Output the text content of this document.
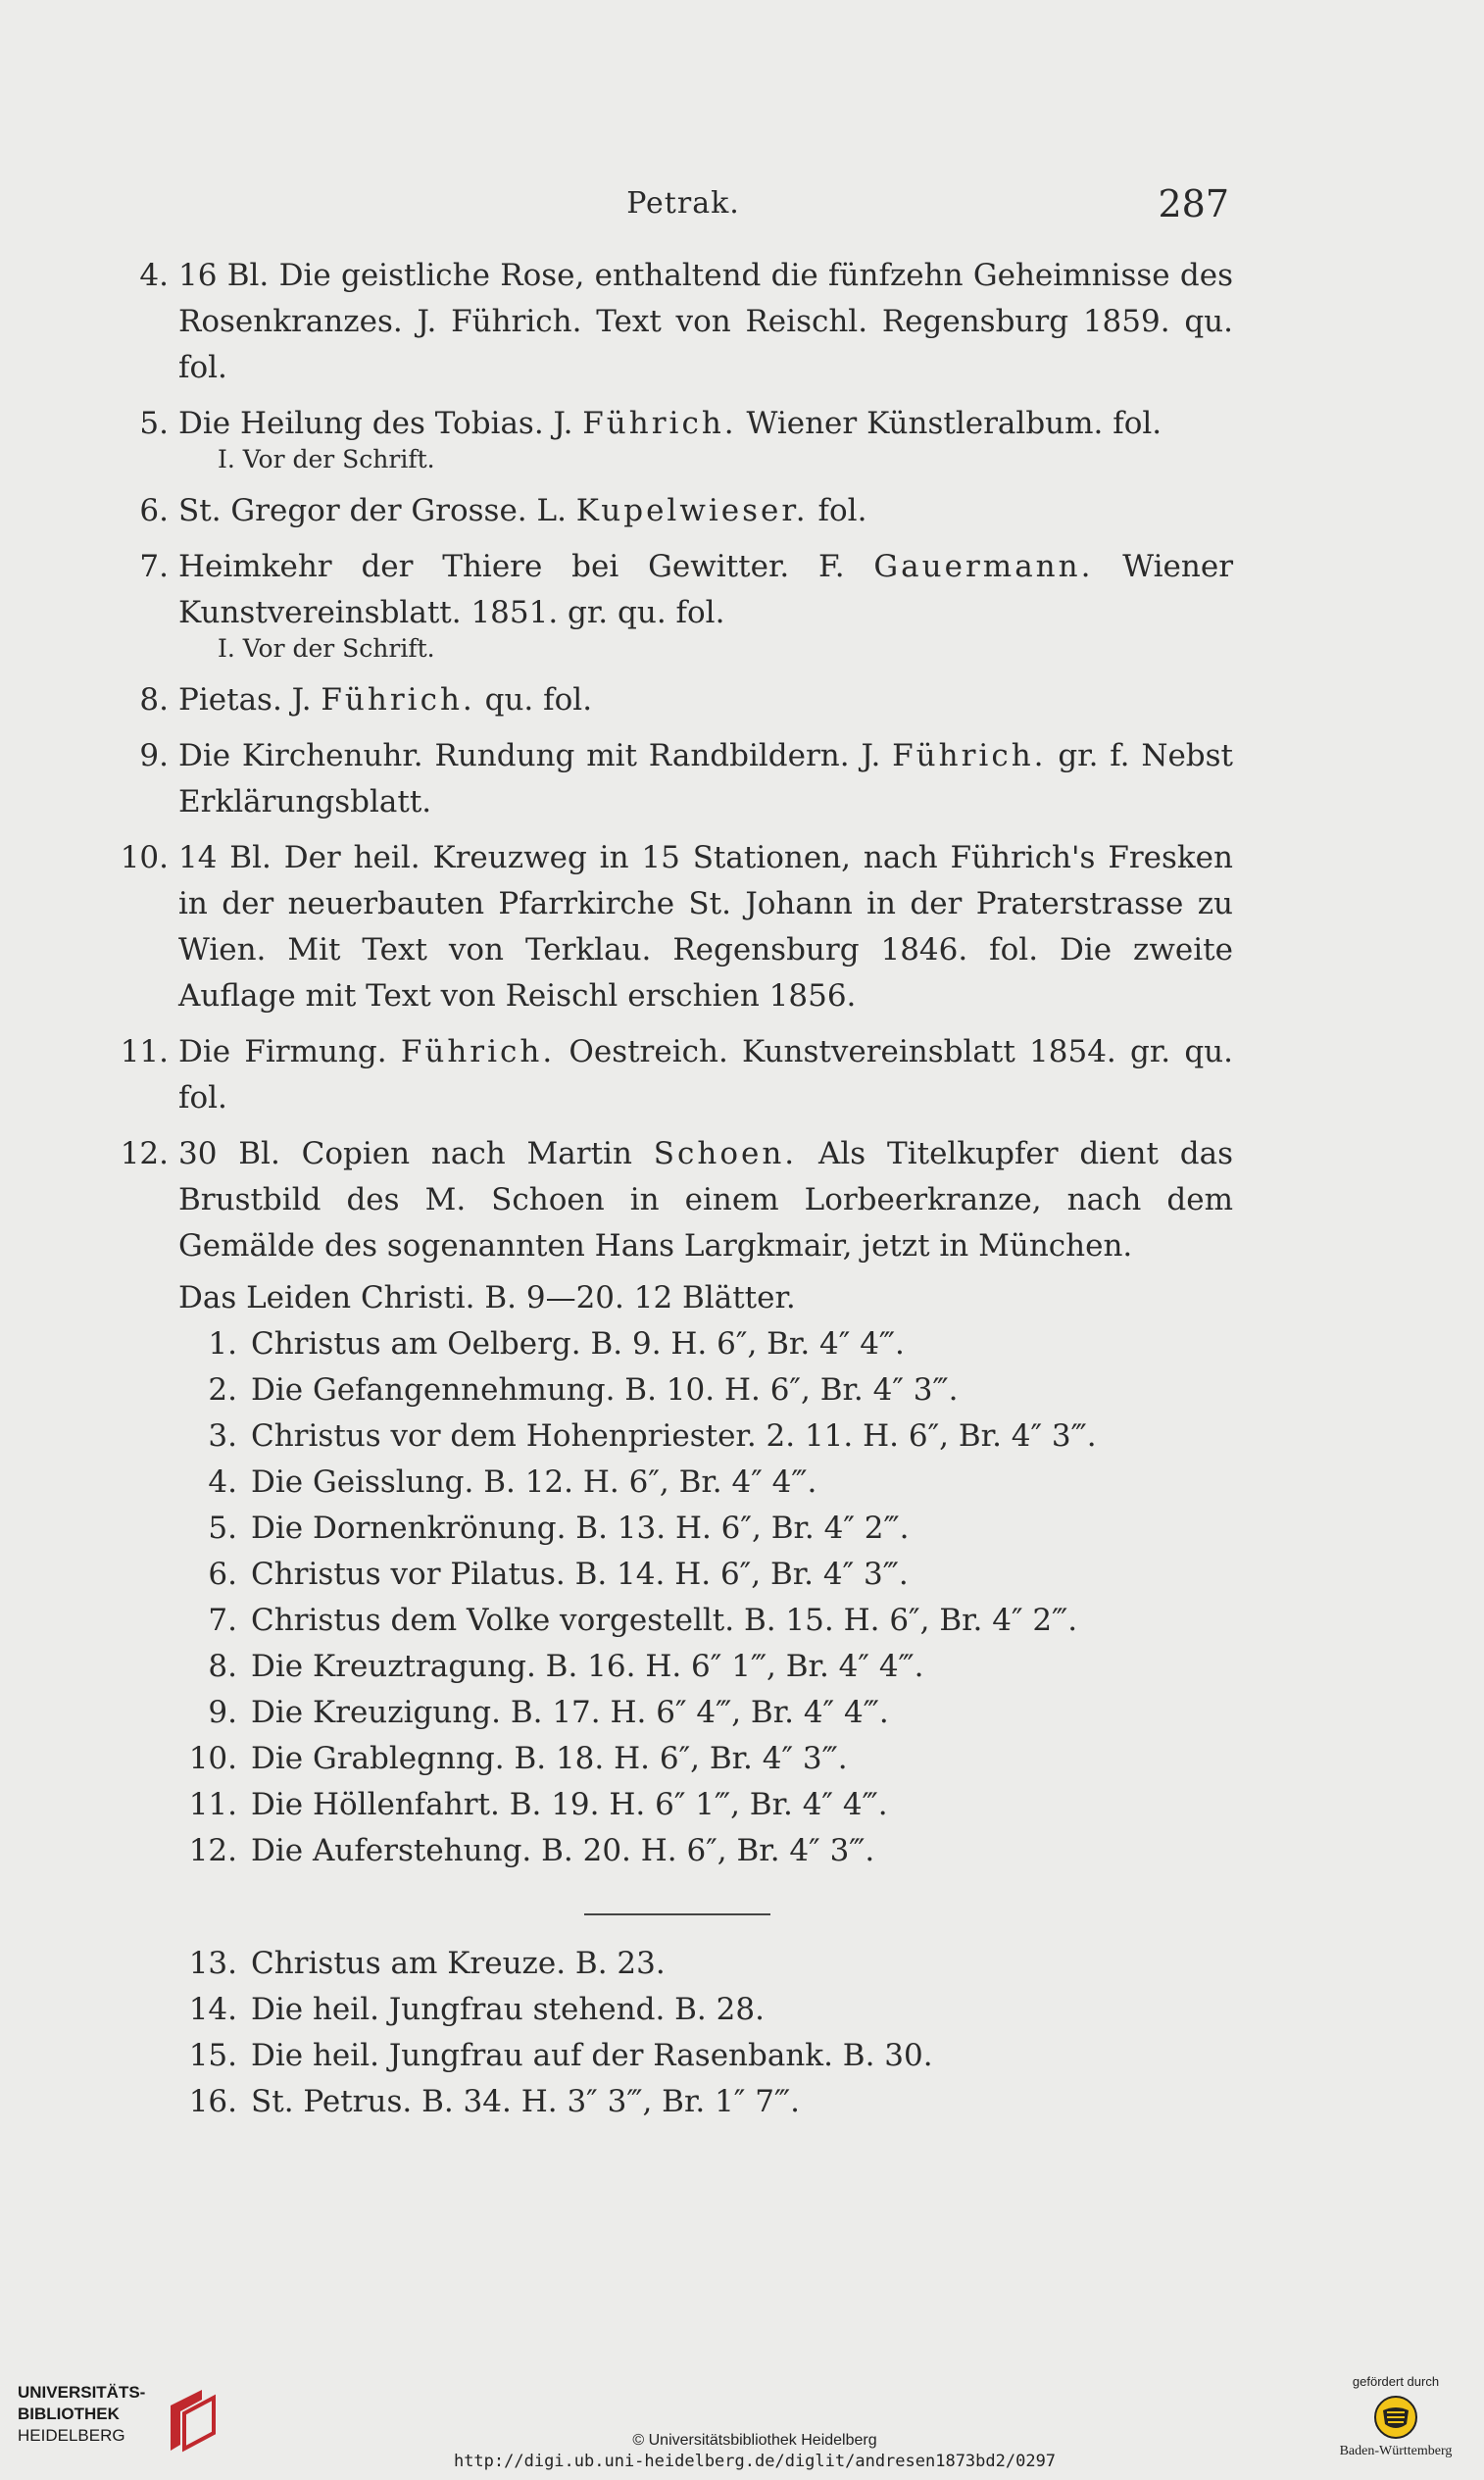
Petrak.	287
4. 16 Bl. Die geistliche Rose, enthaltend die fünfzehn Geheimnisse des Rosenkranzes. J. Führich. Text von Reischl. Regensburg 1859. qu. fol.
5. Die Heilung des Tobias. J. Führich. Wiener Künstleralbum. fol.
I. Vor der Schrift.
6. St. Gregor der Grosse. L. Kupelwieser. fol.
7. Heimkehr der Thiere bei Gewitter. F. Gauermann. Wiener Kunstvereinsblatt. 1851. gr. qu. fol.
I. Vor der Schrift.
8. Pietas. J. Führich. qu. fol.
9. Die Kirchenuhr. Rundung mit Randbildern. J. Führich. gr. f. Nebst Erklärungsblatt.
10. 14 Bl. Der heil. Kreuzweg in 15 Stationen, nach Führich's Fresken in der neuerbauten Pfarrkirche St. Johann in der Praterstrasse zu Wien. Mit Text von Terklau. Regensburg 1846. fol. Die zweite Auflage mit Text von Reischl erschien 1856.
11. Die Firmung. Führich. Oestreich. Kunstvereinsblatt 1854. gr. qu. fol.
12. 30 Bl. Copien nach Martin Schoen. Als Titelkupfer dient das Brustbild des M. Schoen in einem Lorbeerkranze, nach dem Gemälde des sogenannten Hans Largkmair, jetzt in München.
Das Leiden Christi. B. 9—20. 12 Blätter.
1. Christus am Oelberg. B. 9. H. 6″, Br. 4″ 4‴.
2. Die Gefangennehmung. B. 10. H. 6″, Br. 4″ 3‴.
3. Christus vor dem Hohenpriester. 2. 11. H. 6″, Br. 4″ 3‴.
4. Die Geisslung. B. 12. H. 6″, Br. 4″ 4‴.
5. Die Dornenkrönung. B. 13. H. 6″, Br. 4″ 2‴.
6. Christus vor Pilatus. B. 14. H. 6″, Br. 4″ 3‴.
7. Christus dem Volke vorgestellt. B. 15. H. 6″, Br. 4″ 2‴.
8. Die Kreuztragung. B. 16. H. 6″ 1‴, Br. 4″ 4‴.
9. Die Kreuzigung. B. 17. H. 6″ 4‴, Br. 4″ 4‴.
10. Die Grablegnng. B. 18. H. 6″, Br. 4″ 3‴.
11. Die Höllenfahrt. B. 19. H. 6″ 1‴, Br. 4″ 4‴.
12. Die Auferstehung. B. 20. H. 6″, Br. 4″ 3‴.
13. Christus am Kreuze. B. 23.
14. Die heil. Jungfrau stehend. B. 28.
15. Die heil. Jungfrau auf der Rasenbank. B. 30.
16. St. Petrus. B. 34. H. 3″ 3‴, Br. 1″ 7‴.
UNIVERSITÄTS-
BIBLIOTHEK
HEIDELBERG	© Universitätsbibliothek Heidelberg
http://digi.ub.uni-heidelberg.de/diglit/andresen1873bd2/0297
gefördert durch
Baden-Württemberg
